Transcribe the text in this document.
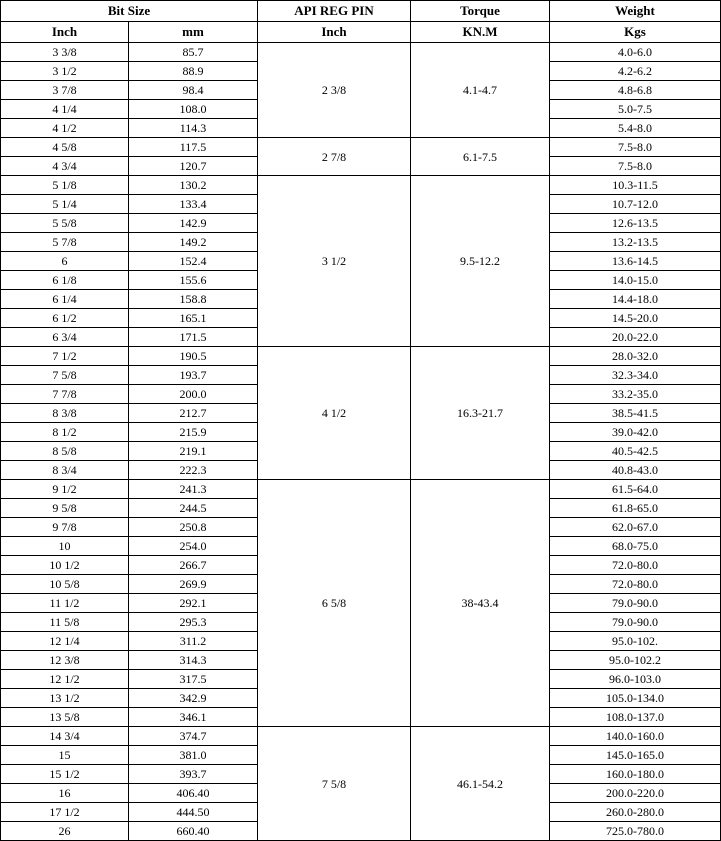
Bit Size		API REG PIN	Torque	Weight
Inch	mm	Inch	KN.M	Kgs
3 3/8	85.7	2 3/8	4.1-4.7	4.0-6.0
3 1/2	88.9			4.2-6.2
3 7/8	98.4			4.8-6.8
4 1/4	108.0			5.0-7.5
4 1/2	114.3			5.4-8.0
4 5/8	117.5	2 7/8	6.1-7.5	7.5-8.0
4 3/4	120.7			7.5-8.0
5 1/8	130.2	3 1/2	9.5-12.2	10.3-11.5
5 1/4	133.4			10.7-12.0
5 5/8	142.9			12.6-13.5
5 7/8	149.2			13.2-13.5
6	152.4			13.6-14.5
6 1/8	155.6			14.0-15.0
6 1/4	158.8			14.4-18.0
6 1/2	165.1			14.5-20.0
6 3/4	171.5			20.0-22.0
7 1/2	190.5	4 1/2	16.3-21.7	28.0-32.0
7 5/8	193.7			32.3-34.0
7 7/8	200.0			33.2-35.0
8 3/8	212.7			38.5-41.5
8 1/2	215.9			39.0-42.0
8 5/8	219.1			40.5-42.5
8 3/4	222.3			40.8-43.0
9 1/2	241.3	6 5/8	38-43.4	61.5-64.0
9 5/8	244.5			61.8-65.0
9 7/8	250.8			62.0-67.0
10	254.0			68.0-75.0
10 1/2	266.7			72.0-80.0
10 5/8	269.9			72.0-80.0
11 1/2	292.1			79.0-90.0
11 5/8	295.3			79.0-90.0
12 1/4	311.2			95.0-102.
12 3/8	314.3			95.0-102.2
12 1/2	317.5			96.0-103.0
13 1/2	342.9			105.0-134.0
13 5/8	346.1			108.0-137.0
14 3/4	374.7	7 5/8	46.1-54.2	140.0-160.0
15	381.0			145.0-165.0
15 1/2	393.7			160.0-180.0
16	406.40			200.0-220.0
17 1/2	444.50			260.0-280.0
26	660.40			725.0-780.0
